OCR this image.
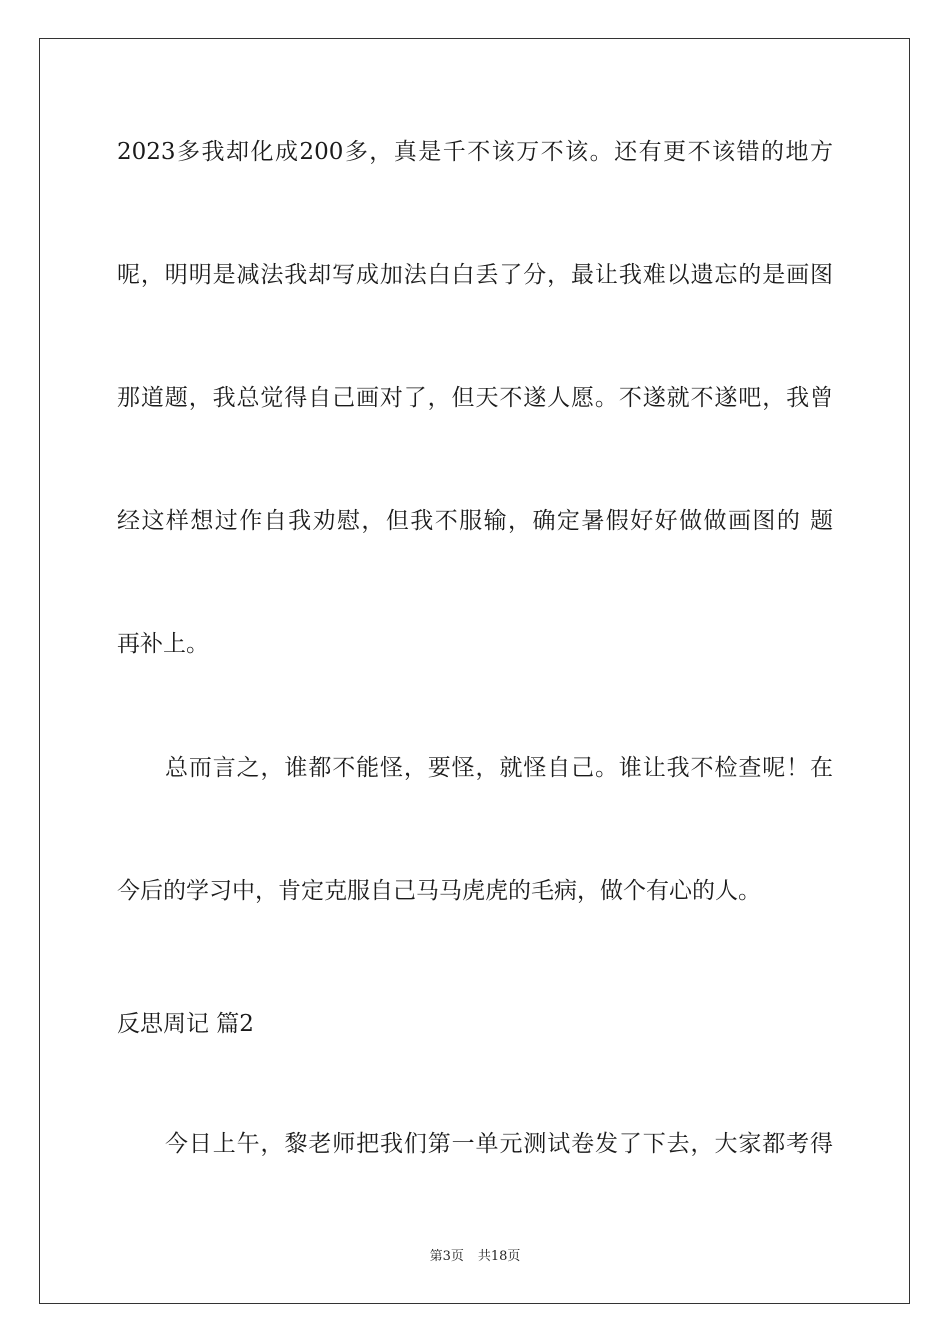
2023多我却化成200多，真是千不该万不该。还有更不该错的地方
呢，明明是减法我却写成加法白白丢了分，最让我难以遗忘的是画图
那道题，我总觉得自己画对了，但天不遂人愿。不遂就不遂吧，我曾
经这样想过作自我劝慰，但我不服输，确定暑假好好做做画图的 题
再补上。
总而言之，谁都不能怪，要怪，就怪自己。谁让我不检查呢！在
今后的学习中，肯定克服自己马马虎虎的毛病，做个有心的人。
反思周记 篇2
今日上午，黎老师把我们第一单元测试卷发了下去，大家都考得
第3页 共18页
